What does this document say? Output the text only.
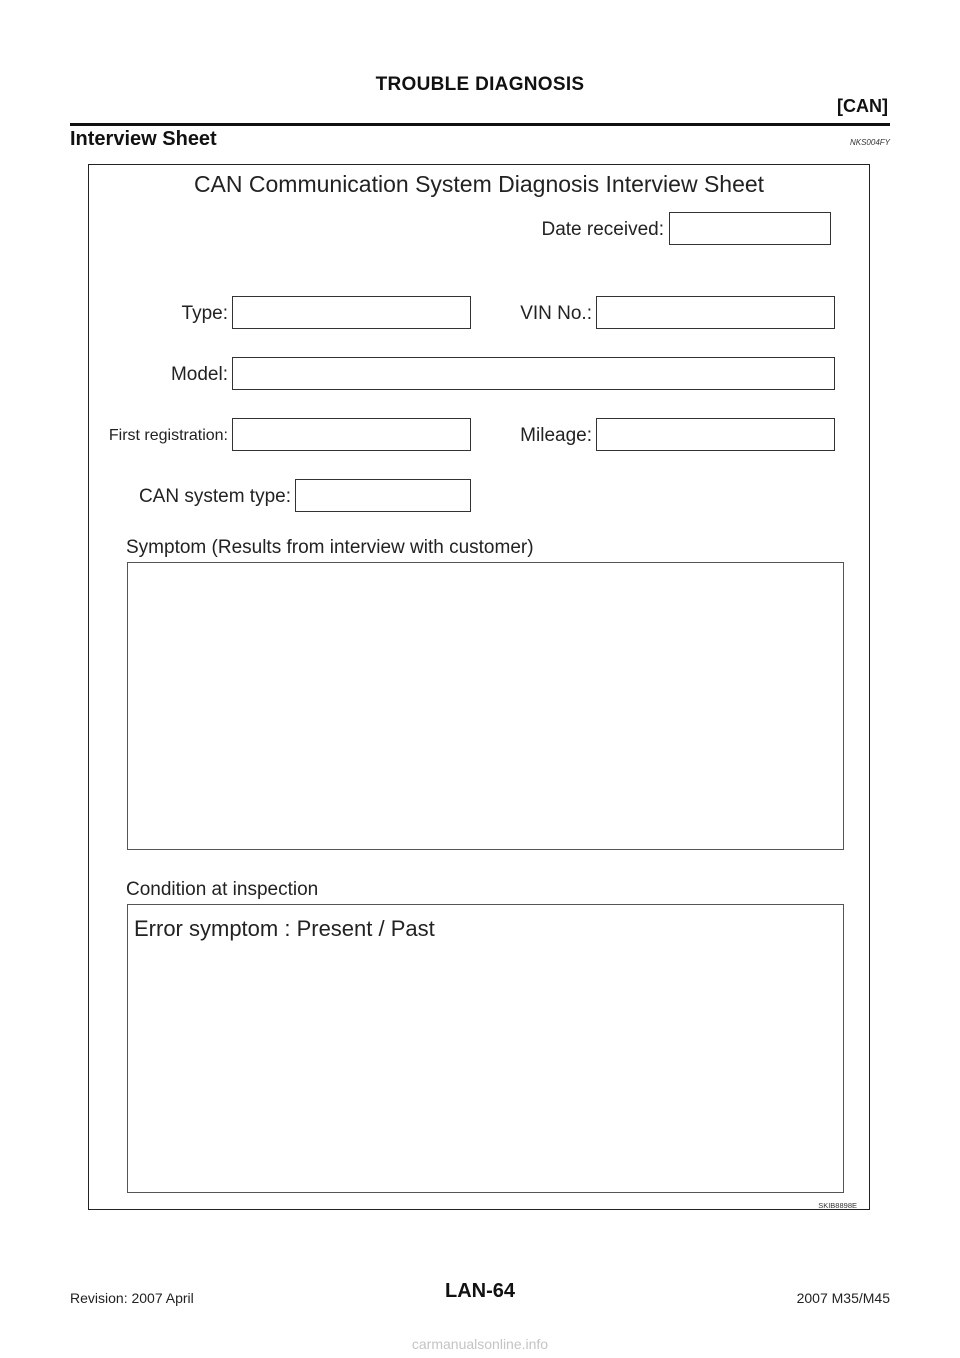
TROUBLE DIAGNOSIS
[CAN]
Interview Sheet	NKS004FY
CAN Communication System Diagnosis Interview Sheet
Date received:
Type:	VIN No.:
Model:
First registration:	Mileage:
CAN system type:
Symptom (Results from interview with customer)
Condition at inspection
Error symptom : Present / Past
SKIB8898E
Revision: 2007 April	LAN-64	2007 M35/M45
carmanualsonline.info
